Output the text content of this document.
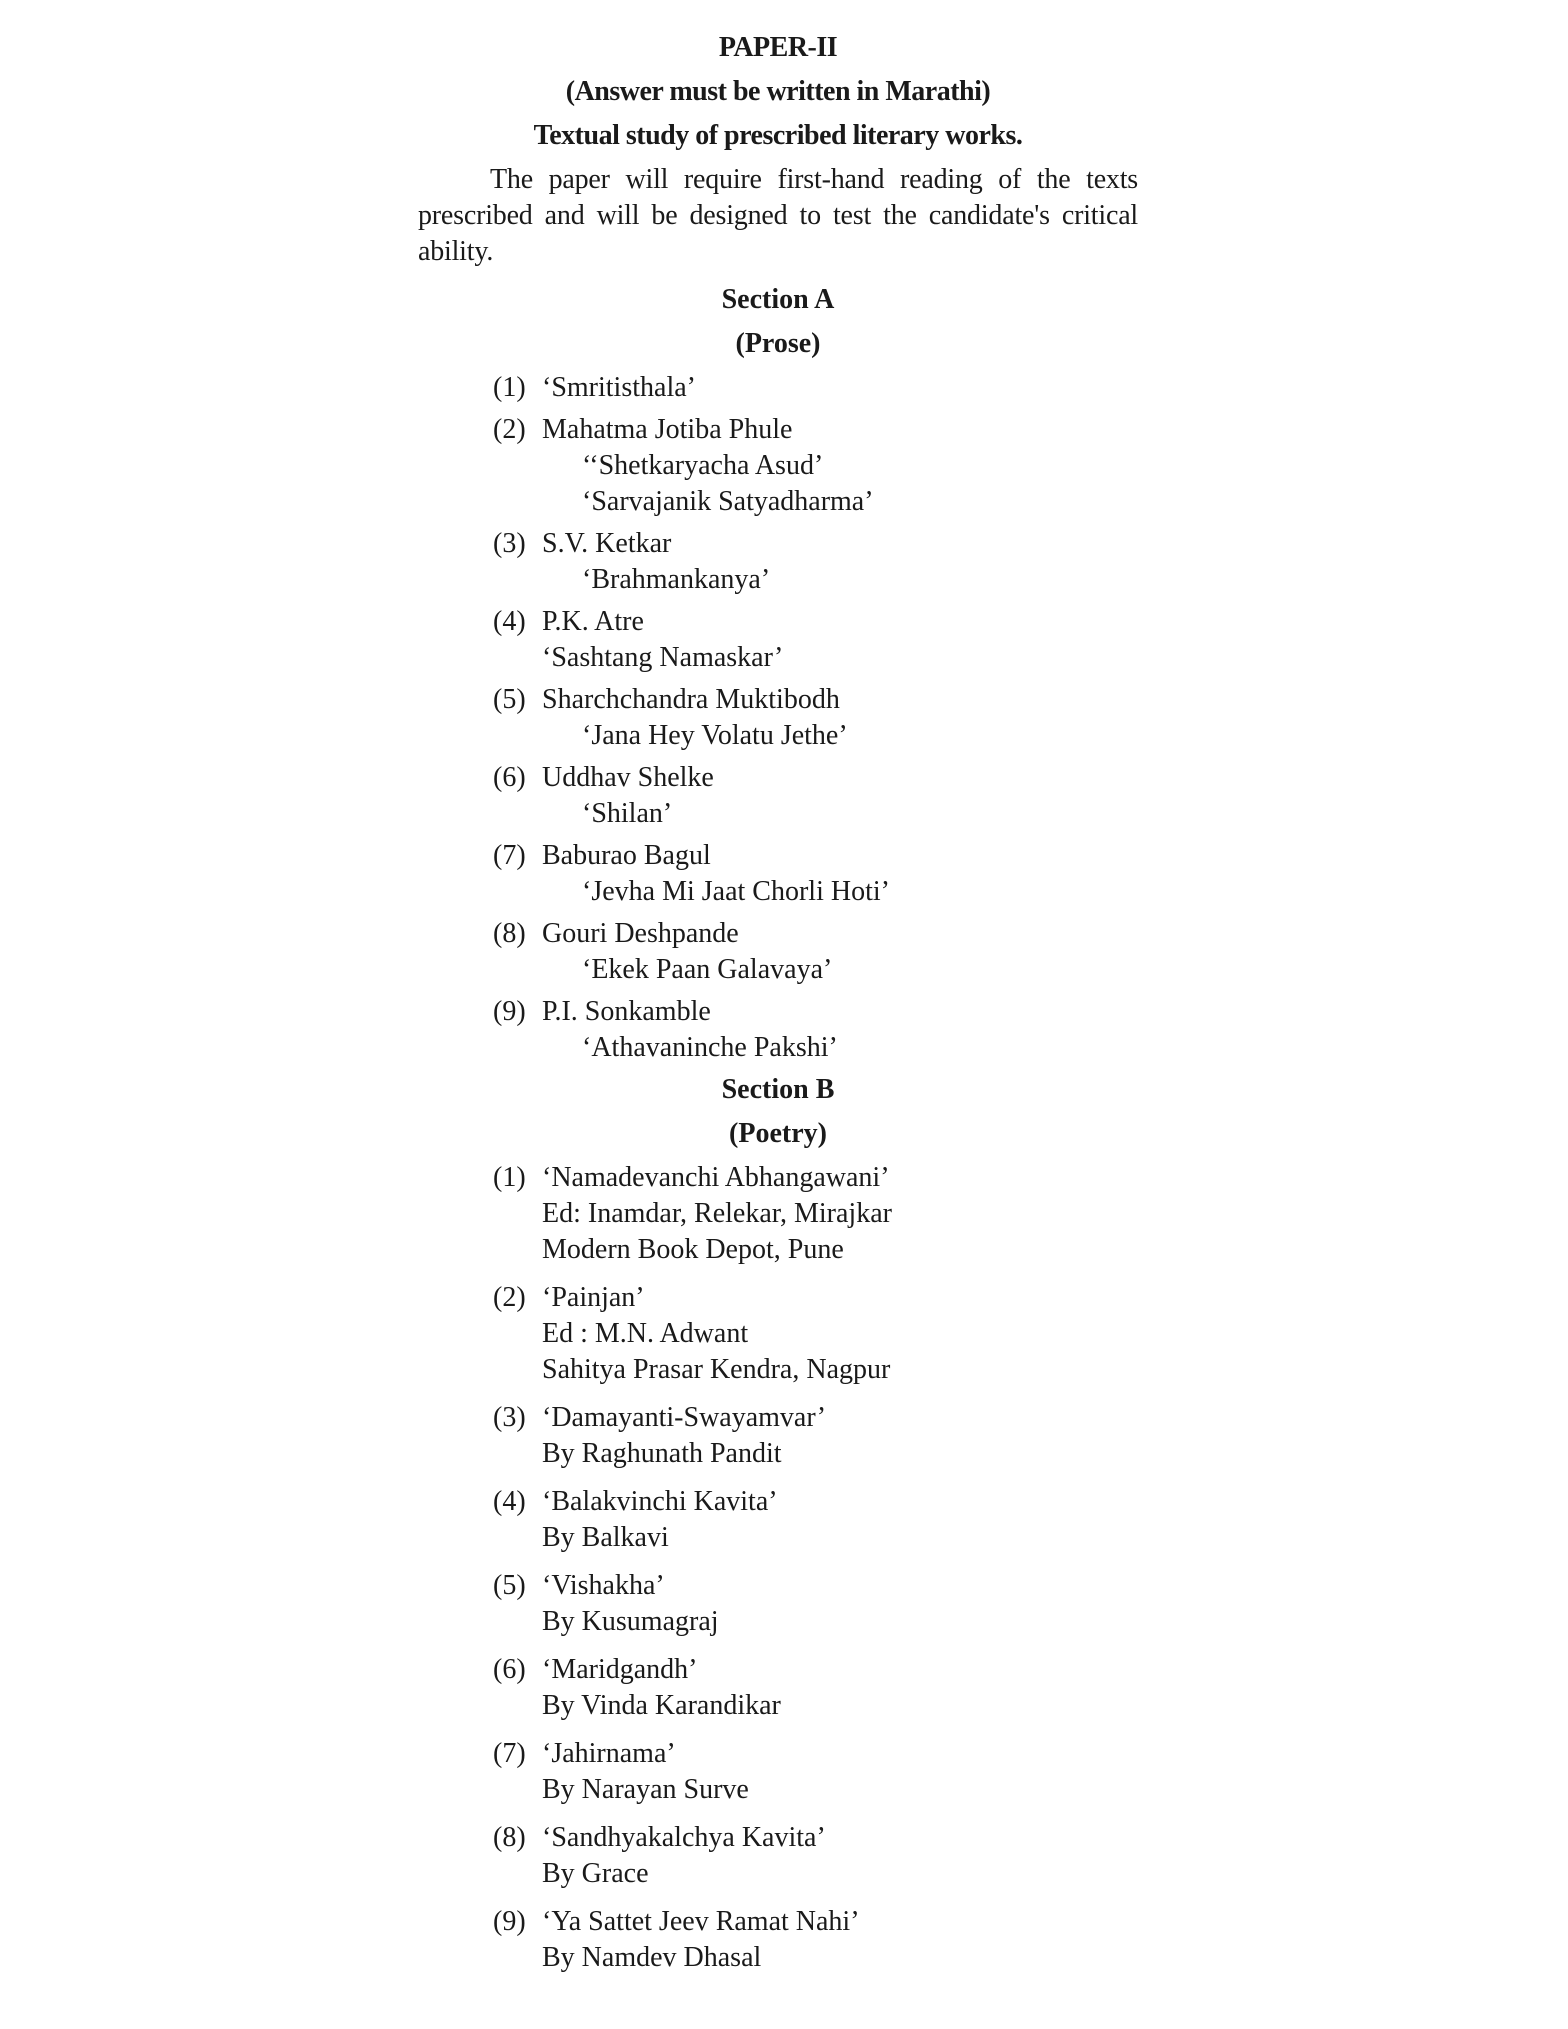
PAPER-II
(Answer must be written in Marathi)
Textual study of prescribed literary works.

The paper will require first-hand reading of the texts prescribed and will be designed to test the candidate's critical ability.

Section A
(Prose)
(1) ‘Smritisthala’
(2) Mahatma Jotiba Phule
‘‘Shetkaryacha Asud’
‘Sarvajanik Satyadharma’
(3) S.V. Ketkar
‘Brahmankanya’
(4) P.K. Atre
‘Sashtang Namaskar’
(5) Sharchchandra Muktibodh
‘Jana Hey Volatu Jethe’
(6) Uddhav Shelke
‘Shilan’
(7) Baburao Bagul
‘Jevha Mi Jaat Chorli Hoti’
(8) Gouri Deshpande
‘Ekek Paan Galavaya’
(9) P.I. Sonkamble
‘Athavaninche Pakshi’
Section B
(Poetry)
(1) ‘Namadevanchi Abhangawani’
Ed: Inamdar, Relekar, Mirajkar
Modern Book Depot, Pune
(2) ‘Painjan’
Ed : M.N. Adwant
Sahitya Prasar Kendra, Nagpur
(3) ‘Damayanti-Swayamvar’
By Raghunath Pandit
(4) ‘Balakvinchi Kavita’
By Balkavi
(5) ‘Vishakha’
By Kusumagraj
(6) ‘Maridgandh’
By Vinda Karandikar
(7) ‘Jahirnama’
By Narayan Surve
(8) ‘Sandhyakalchya Kavita’
By Grace
(9) ‘Ya Sattet Jeev Ramat Nahi’
By Namdev Dhasal
